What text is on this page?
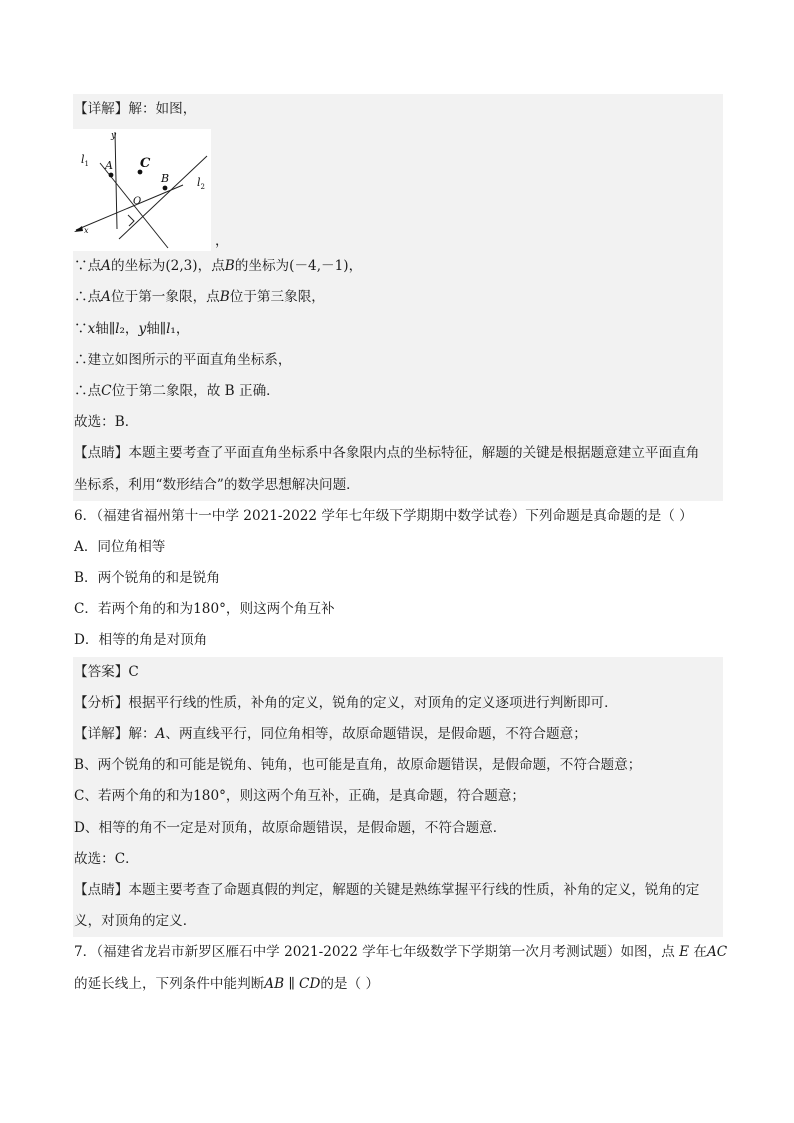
【详解】解：如图，
y
x
$l_1$
$l_2$
A C
B
O
，
∵点𝐴的坐标为(2,3)，点𝐵的坐标为(－4,－1)，
∴点𝐴位于第一象限，点𝐵位于第三象限，
∵𝑥轴∥𝑙₂，𝑦轴∥𝑙₁，
∴建立如图所示的平面直角坐标系，
∴点𝐶位于第二象限，故 B 正确．
故选：B．
【点睛】本题主要考查了平面直角坐标系中各象限内点的坐标特征，解题的关键是根据题意建立平面直角
坐标系，利用“数形结合”的数学思想解决问题．
6．（福建省福州第十一中学 2021-2022 学年七年级下学期期中数学试卷）下列命题是真命题的是（ ）
A．同位角相等
B．两个锐角的和是锐角
C．若两个角的和为180°，则这两个角互补
D．相等的角是对顶角
【答案】C
【分析】根据平行线的性质，补角的定义，锐角的定义，对顶角的定义逐项进行判断即可．
【详解】解：𝐴、两直线平行，同位角相等，故原命题错误，是假命题，不符合题意；
B、两个锐角的和可能是锐角、钝角，也可能是直角，故原命题错误，是假命题，不符合题意；
C、若两个角的和为180°，则这两个角互补，正确，是真命题，符合题意；
D、相等的角不一定是对顶角，故原命题错误，是假命题，不符合题意．
故选：C．
【点睛】本题主要考查了命题真假的判定，解题的关键是熟练掌握平行线的性质，补角的定义，锐角的定
义，对顶角的定义．
7．（福建省龙岩市新罗区雁石中学 2021-2022 学年七年级数学下学期第一次月考测试题）如图，点 𝐸 在𝐴𝐶
的延长线上，下列条件中能判断𝐴𝐵 ∥ 𝐶𝐷的是（ ）
